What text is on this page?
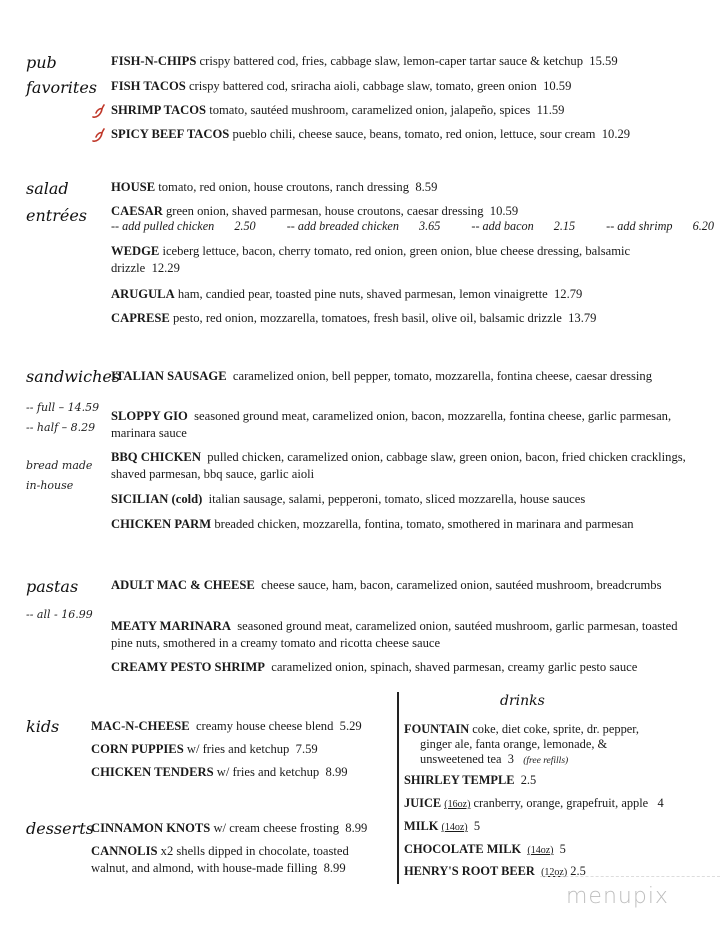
pub
favorites
FISH-N-CHIPS crispy battered cod, fries, cabbage slaw, lemon-caper tartar sauce & ketchup 15.59
FISH TACOS crispy battered cod, sriracha aioli, cabbage slaw, tomato, green onion 10.59
SHRIMP TACOS tomato, sautéed mushroom, caramelized onion, jalapeño, spices 11.59
SPICY BEEF TACOS pueblo chili, cheese sauce, beans, tomato, red onion, lettuce, sour cream 10.29
salad
entrées
HOUSE tomato, red onion, house croutons, ranch dressing 8.59
CAESAR green onion, shaved parmesan, house croutons, caesar dressing 10.59
-- add pulled chicken 2.50	-- add breaded chicken 3.65	-- add bacon 2.15	-- add shrimp 6.20
WEDGE iceberg lettuce, bacon, cherry tomato, red onion, green onion, blue cheese dressing, balsamic drizzle 12.29
ARUGULA ham, candied pear, toasted pine nuts, shaved parmesan, lemon vinaigrette 12.79
CAPRESE pesto, red onion, mozzarella, tomatoes, fresh basil, olive oil, balsamic drizzle 13.79
sandwiches
-- full – 14.59
-- half – 8.29
bread made
in-house
ITALIAN SAUSAGE caramelized onion, bell pepper, tomato, mozzarella, fontina cheese, caesar dressing
SLOPPY GIO seasoned ground meat, caramelized onion, bacon, mozzarella, fontina cheese, garlic parmesan, marinara sauce
BBQ CHICKEN pulled chicken, caramelized onion, cabbage slaw, green onion, bacon, fried chicken cracklings, shaved parmesan, bbq sauce, garlic aioli
SICILIAN (cold) italian sausage, salami, pepperoni, tomato, sliced mozzarella, house sauces
CHICKEN PARM breaded chicken, mozzarella, fontina, tomato, smothered in marinara and parmesan
pastas
-- all - 16.99
ADULT MAC & CHEESE cheese sauce, ham, bacon, caramelized onion, sautéed mushroom, breadcrumbs
MEATY MARINARA seasoned ground meat, caramelized onion, sautéed mushroom, garlic parmesan, toasted pine nuts, smothered in a creamy tomato and ricotta cheese sauce
CREAMY PESTO SHRIMP caramelized onion, spinach, shaved parmesan, creamy garlic pesto sauce
kids	MAC-N-CHEESE creamy house cheese blend 5.29
CORN PUPPIES w/ fries and ketchup 7.59
CHICKEN TENDERS w/ fries and ketchup 8.99
desserts
CINNAMON KNOTS w/ cream cheese frosting 8.99
CANNOLIS x2 shells dipped in chocolate, toasted walnut, and almond, with house-made filling 8.99
drinks
FOUNTAIN coke, diet coke, sprite, dr. pepper,
ginger ale, fanta orange, lemonade, &
unsweetened tea 3 (free refills)
SHIRLEY TEMPLE 2.5
JUICE (16oz) cranberry, orange, grapefruit, apple 4
MILK (14oz) 5
CHOCOLATE MILK (14oz) 5
HENRY'S ROOT BEER (12oz) 2.5
menupix
